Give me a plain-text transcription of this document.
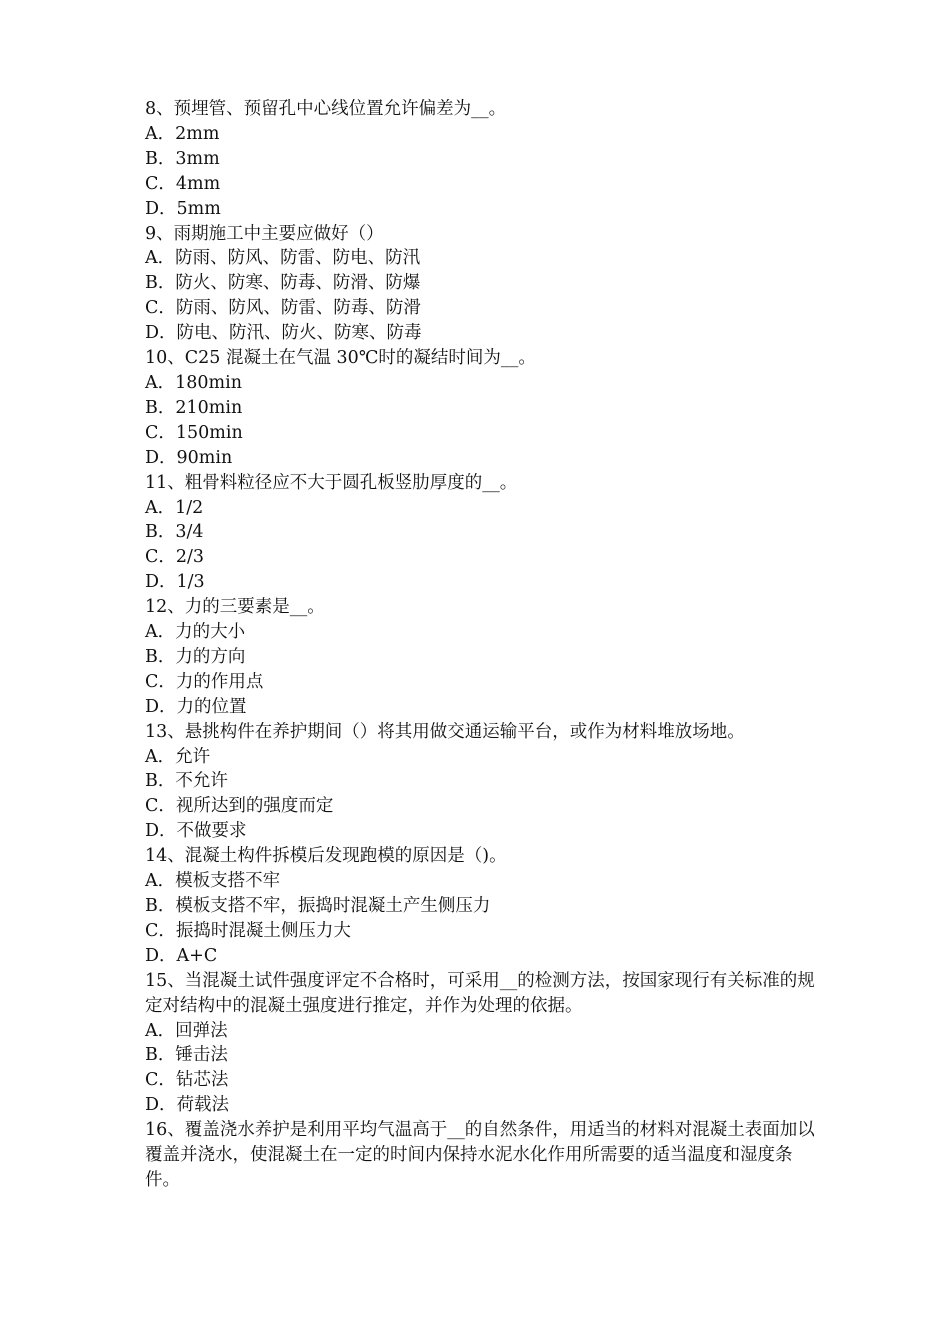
8、预埋管、预留孔中心线位置允许偏差为__。
A．2mm
B．3mm
C．4mm
D．5mm
9、雨期施工中主要应做好（）
A．防雨、防风、防雷、防电、防汛
B．防火、防寒、防毒、防滑、防爆
C．防雨、防风、防雷、防毒、防滑
D．防电、防汛、防火、防寒、防毒
10、C25 混凝土在气温 30℃时的凝结时间为__。
A．180min
B．210min
C．150min
D．90min
11、粗骨料粒径应不大于圆孔板竖肋厚度的__。
A．1/2
B．3/4
C．2/3
D．1/3
12、力的三要素是__。
A．力的大小
B．力的方向
C．力的作用点
D．力的位置
13、悬挑构件在养护期间（）将其用做交通运输平台，或作为材料堆放场地。
A．允许
B．不允许
C．视所达到的强度而定
D．不做要求
14、混凝土构件拆模后发现跑模的原因是（)。
A．模板支搭不牢
B．模板支搭不牢，振捣时混凝土产生侧压力
C．振捣时混凝土侧压力大
D．A+C
15、当混凝土试件强度评定不合格时，可采用__的检测方法，按国家现行有关标准的规定对结构中的混凝土强度进行推定，并作为处理的依据。
A．回弹法
B．锤击法
C．钻芯法
D．荷载法
16、覆盖浇水养护是利用平均气温高于__的自然条件，用适当的材料对混凝土表面加以覆盖并浇水，使混凝土在一定的时间内保持水泥水化作用所需要的适当温度和湿度条件。
